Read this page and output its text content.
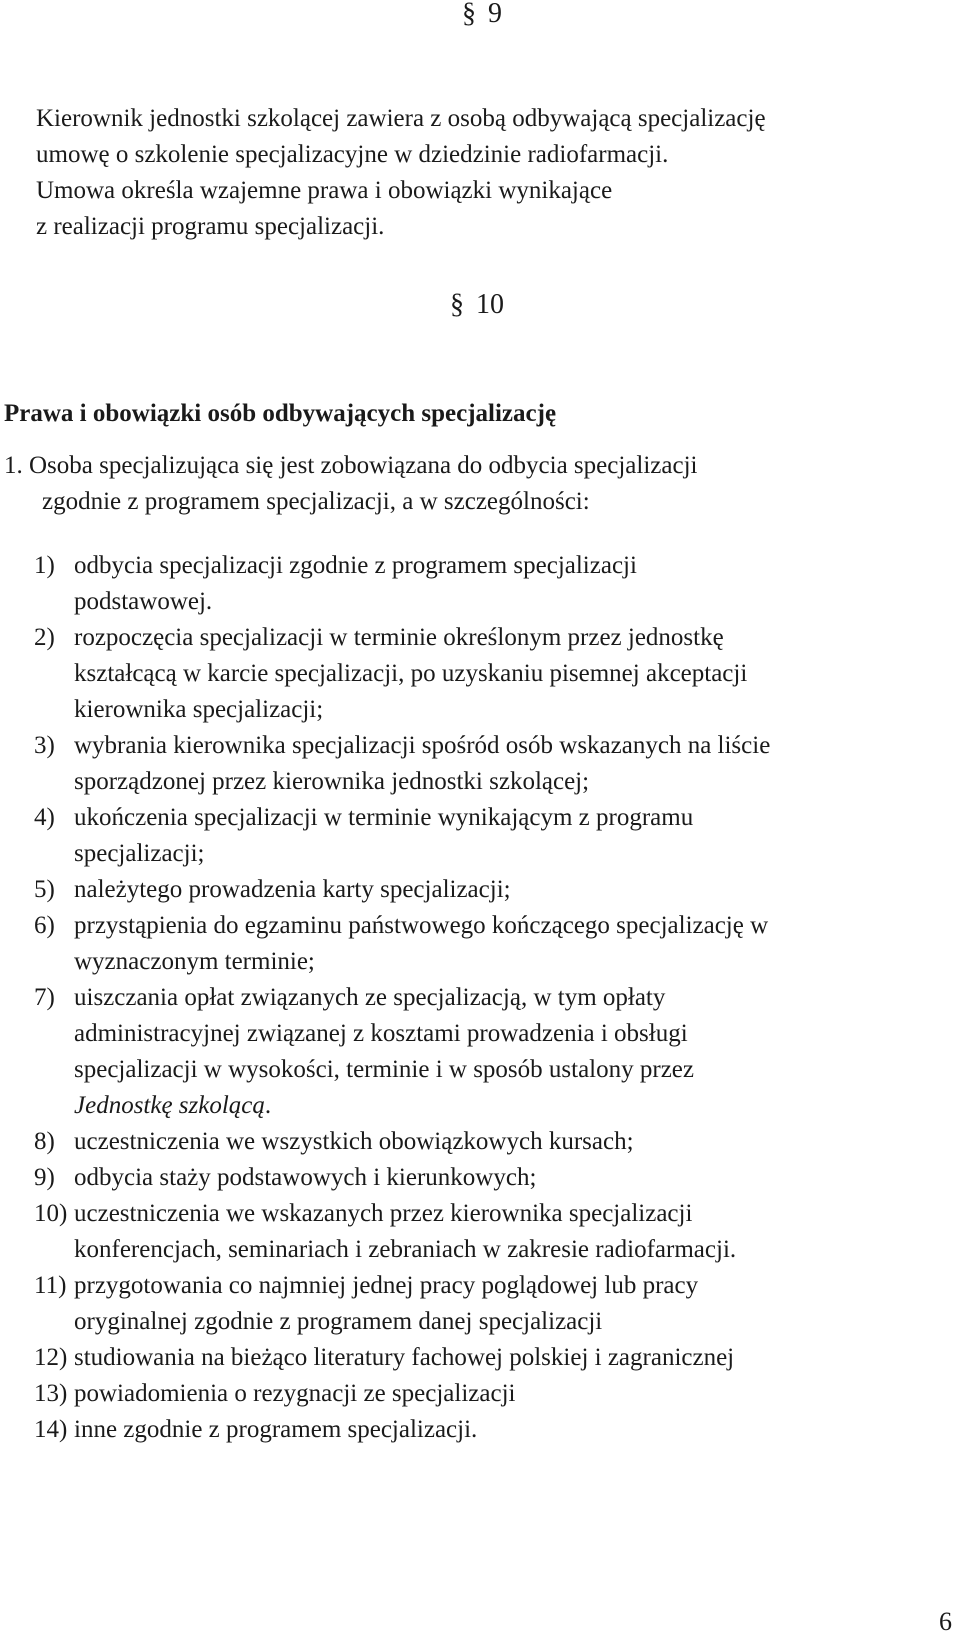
§ 9
Kierownik jednostki szkolącej zawiera z osobą odbywającą specjalizację
umowę o szkolenie specjalizacyjne w dziedzinie radiofarmacji.
Umowa określa wzajemne prawa i obowiązki wynikające
z realizacji programu specjalizacji.
§ 10
Prawa i obowiązki osób odbywających specjalizację
1. Osoba specjalizująca się jest zobowiązana do odbycia specjalizacji
zgodnie z programem specjalizacji, a w szczególności:
1) odbycia specjalizacji zgodnie z programem specjalizacji
podstawowej.
2) rozpoczęcia specjalizacji w terminie określonym przez jednostkę
kształcącą w karcie specjalizacji, po uzyskaniu pisemnej akceptacji
kierownika specjalizacji;
3) wybrania kierownika specjalizacji spośród osób wskazanych na liście
sporządzonej przez kierownika jednostki szkolącej;
4) ukończenia specjalizacji w terminie wynikającym z programu
specjalizacji;
5) należytego prowadzenia karty specjalizacji;
6) przystąpienia do egzaminu państwowego kończącego specjalizację w
wyznaczonym terminie;
7) uiszczania opłat związanych ze specjalizacją, w tym opłaty
administracyjnej związanej z kosztami prowadzenia i obsługi
specjalizacji w wysokości, terminie i w sposób ustalony przez
Jednostkę szkolącą.
8) uczestniczenia we wszystkich obowiązkowych kursach;
9) odbycia staży podstawowych i kierunkowych;
10) uczestniczenia we wskazanych przez kierownika specjalizacji
konferencjach, seminariach i zebraniach w zakresie radiofarmacji.
11) przygotowania co najmniej jednej pracy poglądowej lub pracy
oryginalnej zgodnie z programem danej specjalizacji
12) studiowania na bieżąco literatury fachowej polskiej i zagranicznej
13) powiadomienia o rezygnacji ze specjalizacji
14) inne zgodnie z programem specjalizacji.
6
